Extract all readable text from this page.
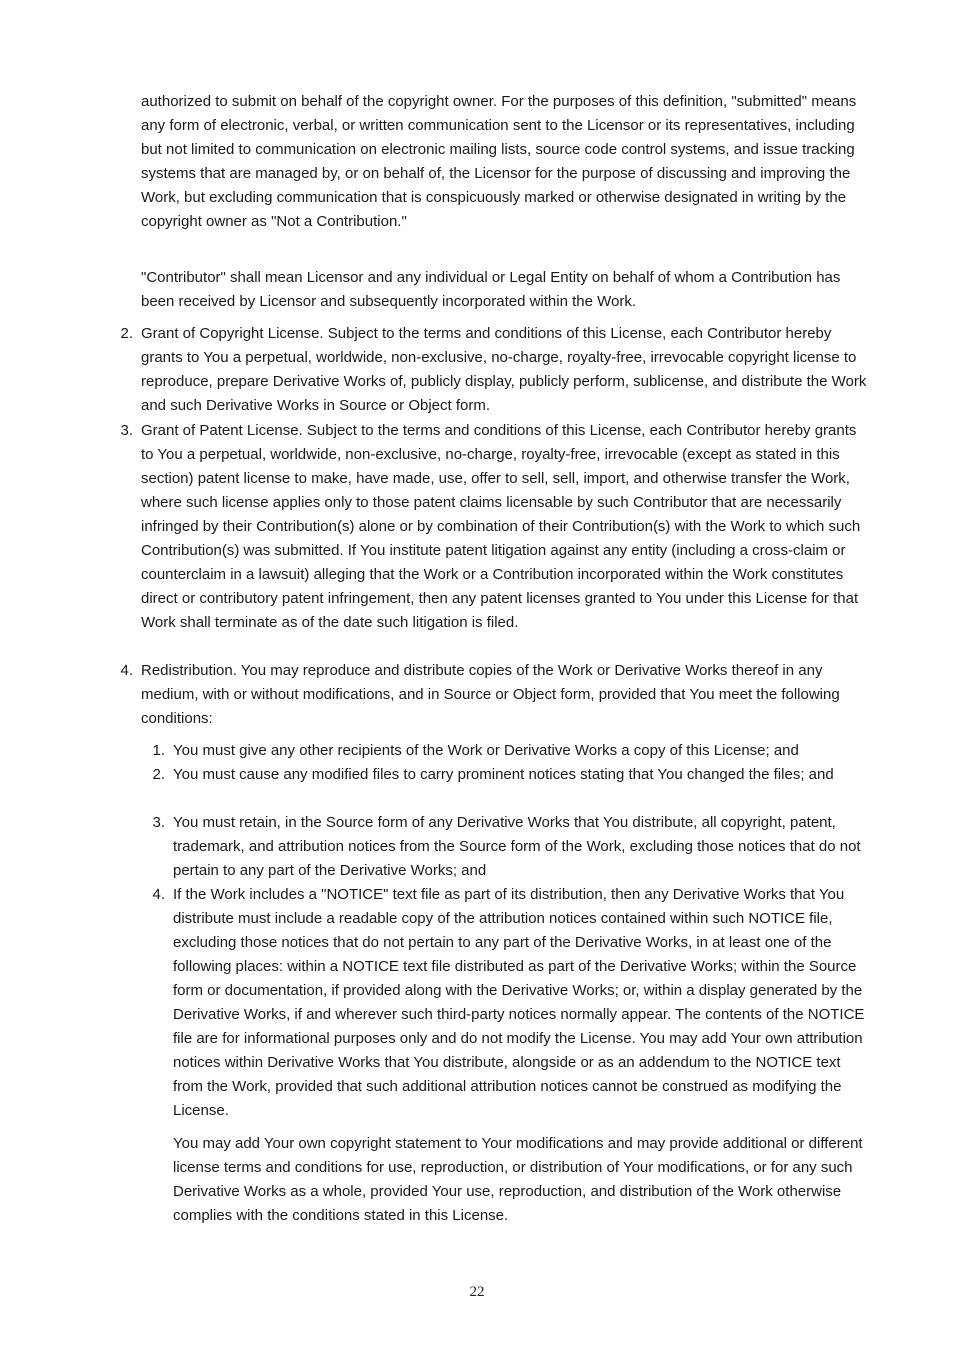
authorized to submit on behalf of the copyright owner. For the purposes of this definition, "submitted" means any form of electronic, verbal, or written communication sent to the Licensor or its representatives, including but not limited to communication on electronic mailing lists, source code control systems, and issue tracking systems that are managed by, or on behalf of, the Licensor for the purpose of discussing and improving the Work, but excluding communication that is conspicuously marked or otherwise designated in writing by the copyright owner as "Not a Contribution."

"Contributor" shall mean Licensor and any individual or Legal Entity on behalf of whom a Contribution has been received by Licensor and subsequently incorporated within the Work.

Grant of Copyright License. Subject to the terms and conditions of this License, each Contributor hereby grants to You a perpetual, worldwide, non-exclusive, no-charge, royalty-free, irrevocable copyright license to reproduce, prepare Derivative Works of, publicly display, publicly perform, sublicense, and distribute the Work and such Derivative Works in Source or Object form.

2.
3. Grant of Patent License. Subject to the terms and conditions of this License, each Contributor hereby grants to You a perpetual, worldwide, non-exclusive, no-charge, royalty-free, irrevocable (except as stated in this section) patent license to make, have made, use, offer to sell, sell, import, and otherwise transfer the Work, where such license applies only to those patent claims licensable by such Contributor that are necessarily infringed by their Contribution(s) alone or by combination of their Contribution(s) with the Work to which such Contribution(s) was submitted. If You institute patent litigation against any entity (including a cross-claim or counterclaim in a lawsuit) alleging that the Work or a Contribution incorporated within the Work constitutes direct or contributory patent infringement, then any patent licenses granted to You under this License for that Work shall terminate as of the date such litigation is filed.

4. Redistribution. You may reproduce and distribute copies of the Work or Derivative Works thereof in any medium, with or without modifications, and in Source or Object form, provided that You meet the following conditions:

1. You must give any other recipients of the Work or Derivative Works a copy of this License; and

2. You must cause any modified files to carry prominent notices stating that You changed the files; and

3. You must retain, in the Source form of any Derivative Works that You distribute, all copyright, patent, trademark, and attribution notices from the Source form of the Work, excluding those notices that do not pertain to any part of the Derivative Works; and

4. If the Work includes a "NOTICE" text file as part of its distribution, then any Derivative Works that You distribute must include a readable copy of the attribution notices contained within such NOTICE file, excluding those notices that do not pertain to any part of the Derivative Works, in at least one of the following places: within a NOTICE text file distributed as part of the Derivative Works; within the Source form or documentation, if provided along with the Derivative Works; or, within a display generated by the Derivative Works, if and wherever such third-party notices normally appear. The contents of the NOTICE file are for informational purposes only and do not modify the License. You may add Your own attribution notices within Derivative Works that You distribute, alongside or as an addendum to the NOTICE text from the Work, provided that such additional attribution notices cannot be construed as modifying the License.

You may add Your own copyright statement to Your modifications and may provide additional or different license terms and conditions for use, reproduction, or distribution of Your modifications, or for any such Derivative Works as a whole, provided Your use, reproduction, and distribution of the Work otherwise complies with the conditions stated in this License.

22
